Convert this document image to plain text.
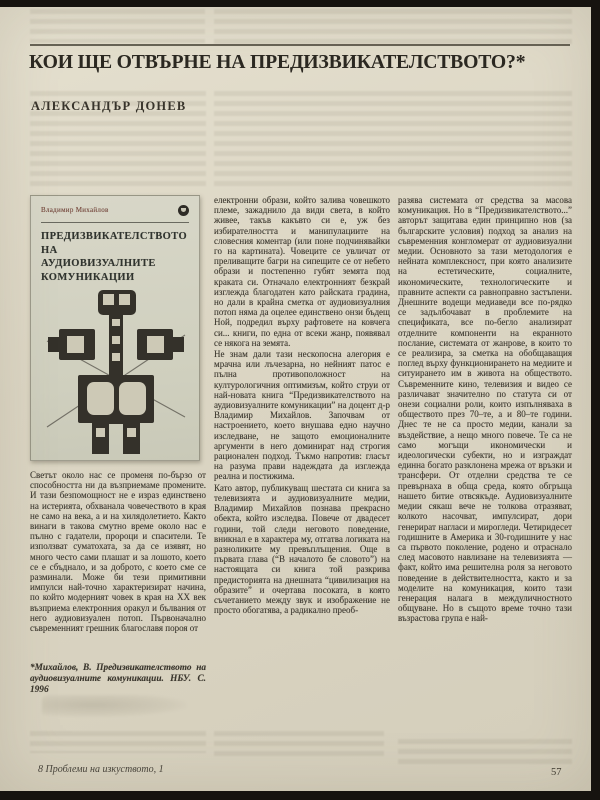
КОИ ЩЕ ОТВЪРНЕ НА ПРЕДИЗВИКАТЕЛСТВОТО?*
АЛЕКСАНДЪР ДОНЕВ
Владимир Михайлов
ПРЕДИЗВИКАТЕЛСТВОТО
НА
АУДИОВИЗУАЛНИТЕ
КОМУНИКАЦИИ

Светът около нас се променя по-бързо от способността ни да възприемаме промените. И тази безпомощност не е израз единствено на истерията, обхванала човечеството в края не само на века, а и на хилядолетието. Както винаги в такова смутно време около нас е пълно с гадатели, пророци и спасители. Те използват суматохата, за да се изявят, но много често сами плашат и за лошото, което се е сбъднало, и за доброто, с което сме се разминали. Може би тези примитивни импулси най-точно характеризират начина, по който модерният човек в края на XX век възприема електронния оракул и бълвания от него аудиовизуален потоп. Първоначално съвременният грешник благославя пороя от

*Михайлов, В. Предизвикателството на аудиовизуалните комуникации. НБУ. С. 1996

електронни образи, който залива човешкото племе, зажаднило да види света, в който живее, такъв какъвто си е, уж без избирателността и манипулациите на словесния коментар (или поне подчинявайки го на картината). Човеците се увличат от преливащите багри на сипещите се от небето образи и постепенно губят земята под краката си. Отначало електронният безкрай изглежда благодатен като райската градина, но дали в крайна сметка от аудиовизуалния потоп няма да оцелее единствено онзи бъдещ Ной, подредил върху рафтовете на ковчега си... книги, по една от всеки жанр, появявал се някога на земята.

Не знам дали тази нескопосна алегория е мрачна или лъчезарна, но нейният патос е пълна противоположност на културологичния оптимизъм, който струи от най-новата книга “Предизвикателството на аудиовизуалните комуникации” на доцент д-р Владимир Михайлов. Започвам от настроението, което внушава едно научно изследване, не защото емоционалните аргументи в него доминират над строгия рационален подход. Тъкмо напротив: гласът на разума прави надеждата да изглежда реална и постижима.

Като автор, публикуващ шестата си книга за телевизията и аудиовизуалните медии, Владимир Михайлов познава прекрасно обекта, който изследва. Повече от двадесет години, той следи неговото поведение, вникнал е в характера му, отгатва логиката на разноликите му превъплъщения. Още в първата глава (“В началото бе словото”) на настоящата си книга той разкрива предисторията на днешната “цивилизация на образите” и очертава посоката, в която съчетанието между звук и изображение не просто обогатява, а радикално преоб-

разява системата от средства за масова комуникация. Но в “Предизвикателството...” авторът защитава един принципно нов (за българските условия) подход за анализ на съвременния конгломерат от аудиовизуални медии. Основното за тази методология е нейната комплексност, при която анализите на естетическите, социалните, икономическите, технологическите и правните аспекти са равноправно застъпени. Днешните водещи медиаведи все по-рядко се задълбочават в проблемите на спецификата, все по-бегло анализират отделните компоненти на екранното послание, системата от жанрове, в които то се реализира, за сметка на обобщаващия поглед върху функционирането на медиите и ситуирането им в живота на обществото. Съвременните кино, телевизия и видео се различават значително по статута си от онези социални роли, които изпълняваха в обществото през 70–те, а и 80–те години. Днес те не са просто медии, канали за въздействие, а нещо много повече. Те са не само могъщи икономически и идеологически субекти, но и изграждат единна богато разклонена мрежа от връзки и трансфери. От отделни средства те се превърнаха в обща среда, която обгръща нашето битие отвсякъде. Аудиовизуалните медии сякаш вече не толкова отразяват, колкото насочват, импулсират, дори генерират нагласи и мирогледи. Четиридесет годишните в Америка и 30-годишните у нас са първото поколение, родено и отраснало след масовото навлизане на телевизията — факт, който има решителна роля за неговото поведение в действителността, както и за моделите на комуникация, които тази генерация налага в междуличностното общуване. Но в същото време точно тази възрастова група е най-

8 Проблеми на изкуството, 1	57
